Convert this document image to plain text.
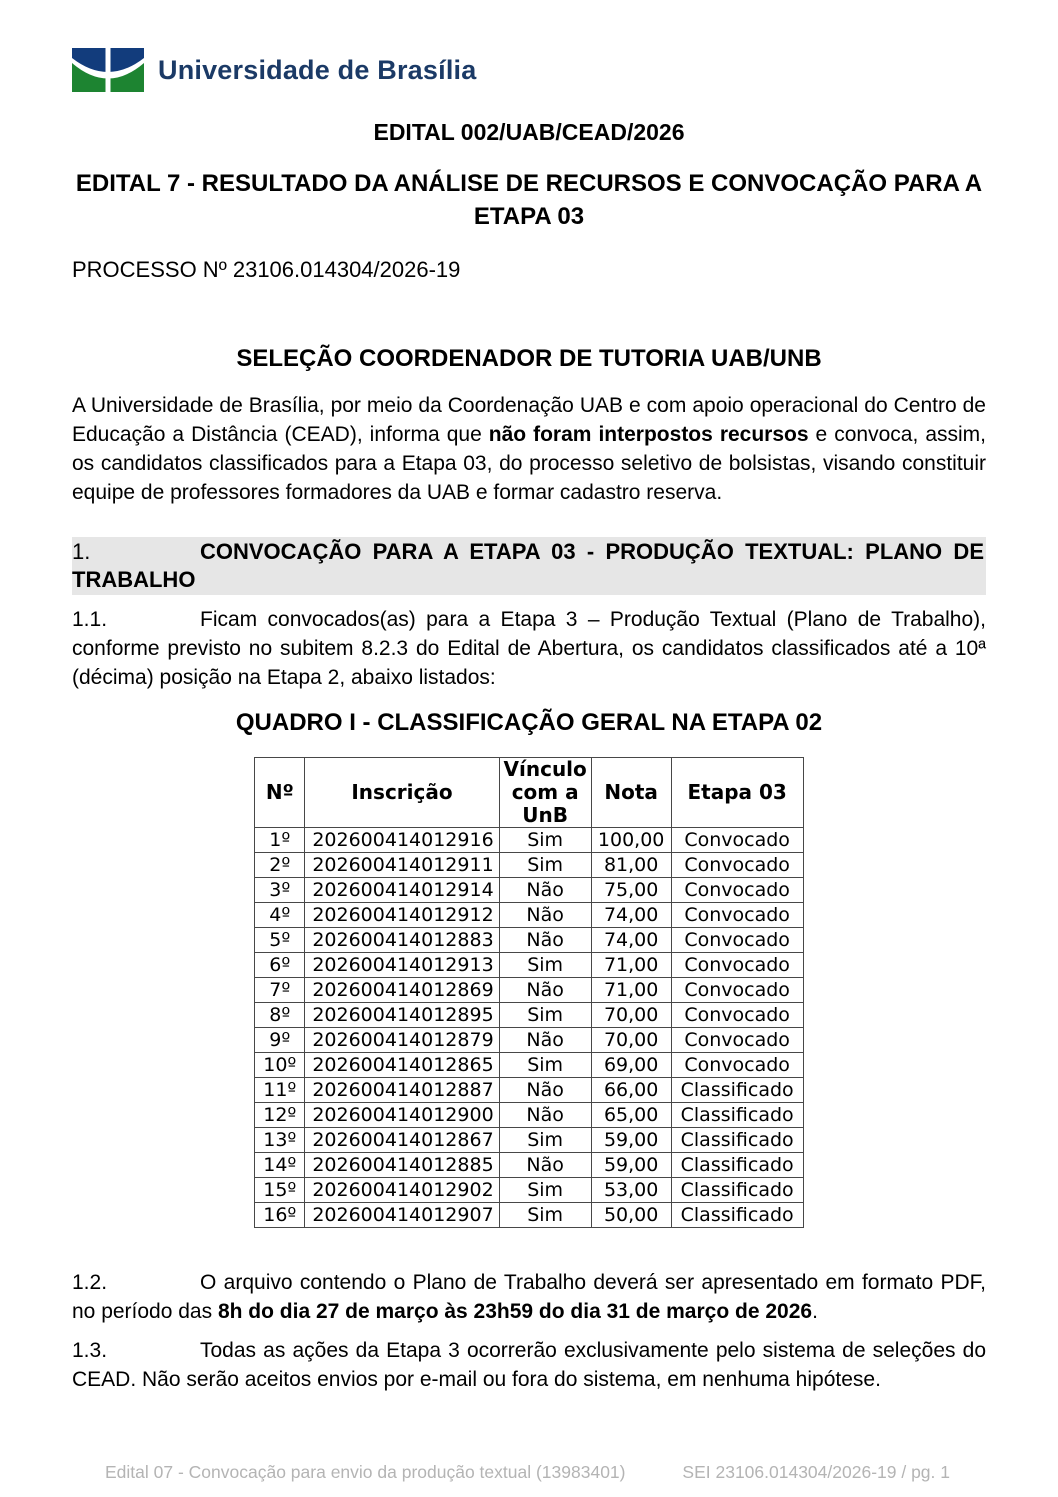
Universidade de Brasília

EDITAL 002/UAB/CEAD/2026

EDITAL 7 - RESULTADO DA ANÁLISE DE RECURSOS E CONVOCAÇÃO PARA A ETAPA 03

PROCESSO Nº 23106.014304/2026-19

SELEÇÃO COORDENADOR DE TUTORIA UAB/UNB

A Universidade de Brasília, por meio da Coordenação UAB e com apoio operacional do Centro de Educação a Distância (CEAD), informa que não foram interpostos recursos e convoca, assim, os candidatos classificados para a Etapa 03, do processo seletivo de bolsistas, visando constituir equipe de professores formadores da UAB e formar cadastro reserva.

1.	CONVOCAÇÃO PARA A ETAPA 03 - PRODUÇÃO TEXTUAL: PLANO DE TRABALHO

1.1.	Ficam convocados(as) para a Etapa 3 – Produção Textual (Plano de Trabalho), conforme previsto no subitem 8.2.3 do Edital de Abertura, os candidatos classificados até a 10ª (décima) posição na Etapa 2, abaixo listados:

QUADRO I - CLASSIFICAÇÃO GERAL NA ETAPA 02

Nº	Inscrição	Vínculo com a UnB	Nota	Etapa 03
1º	202600414012916	Sim	100,00	Convocado
2º	202600414012911	Sim	81,00	Convocado
3º	202600414012914	Não	75,00	Convocado
4º	202600414012912	Não	74,00	Convocado
5º	202600414012883	Não	74,00	Convocado
6º	202600414012913	Sim	71,00	Convocado
7º	202600414012869	Não	71,00	Convocado
8º	202600414012895	Sim	70,00	Convocado
9º	202600414012879	Não	70,00	Convocado
10º	202600414012865	Sim	69,00	Convocado
11º	202600414012887	Não	66,00	Classificado
12º	202600414012900	Não	65,00	Classificado
13º	202600414012867	Sim	59,00	Classificado
14º	202600414012885	Não	59,00	Classificado
15º	202600414012902	Sim	53,00	Classificado
16º	202600414012907	Sim	50,00	Classificado

1.2.	O arquivo contendo o Plano de Trabalho deverá ser apresentado em formato PDF, no período das 8h do dia 27 de março às 23h59 do dia 31 de março de 2026.

1.3.	Todas as ações da Etapa 3 ocorrerão exclusivamente pelo sistema de seleções do CEAD. Não serão aceitos envios por e-mail ou fora do sistema, em nenhuma hipótese.

Edital 07 - Convocação para envio da produção textual (13983401)	SEI 23106.014304/2026-19 / pg. 1
